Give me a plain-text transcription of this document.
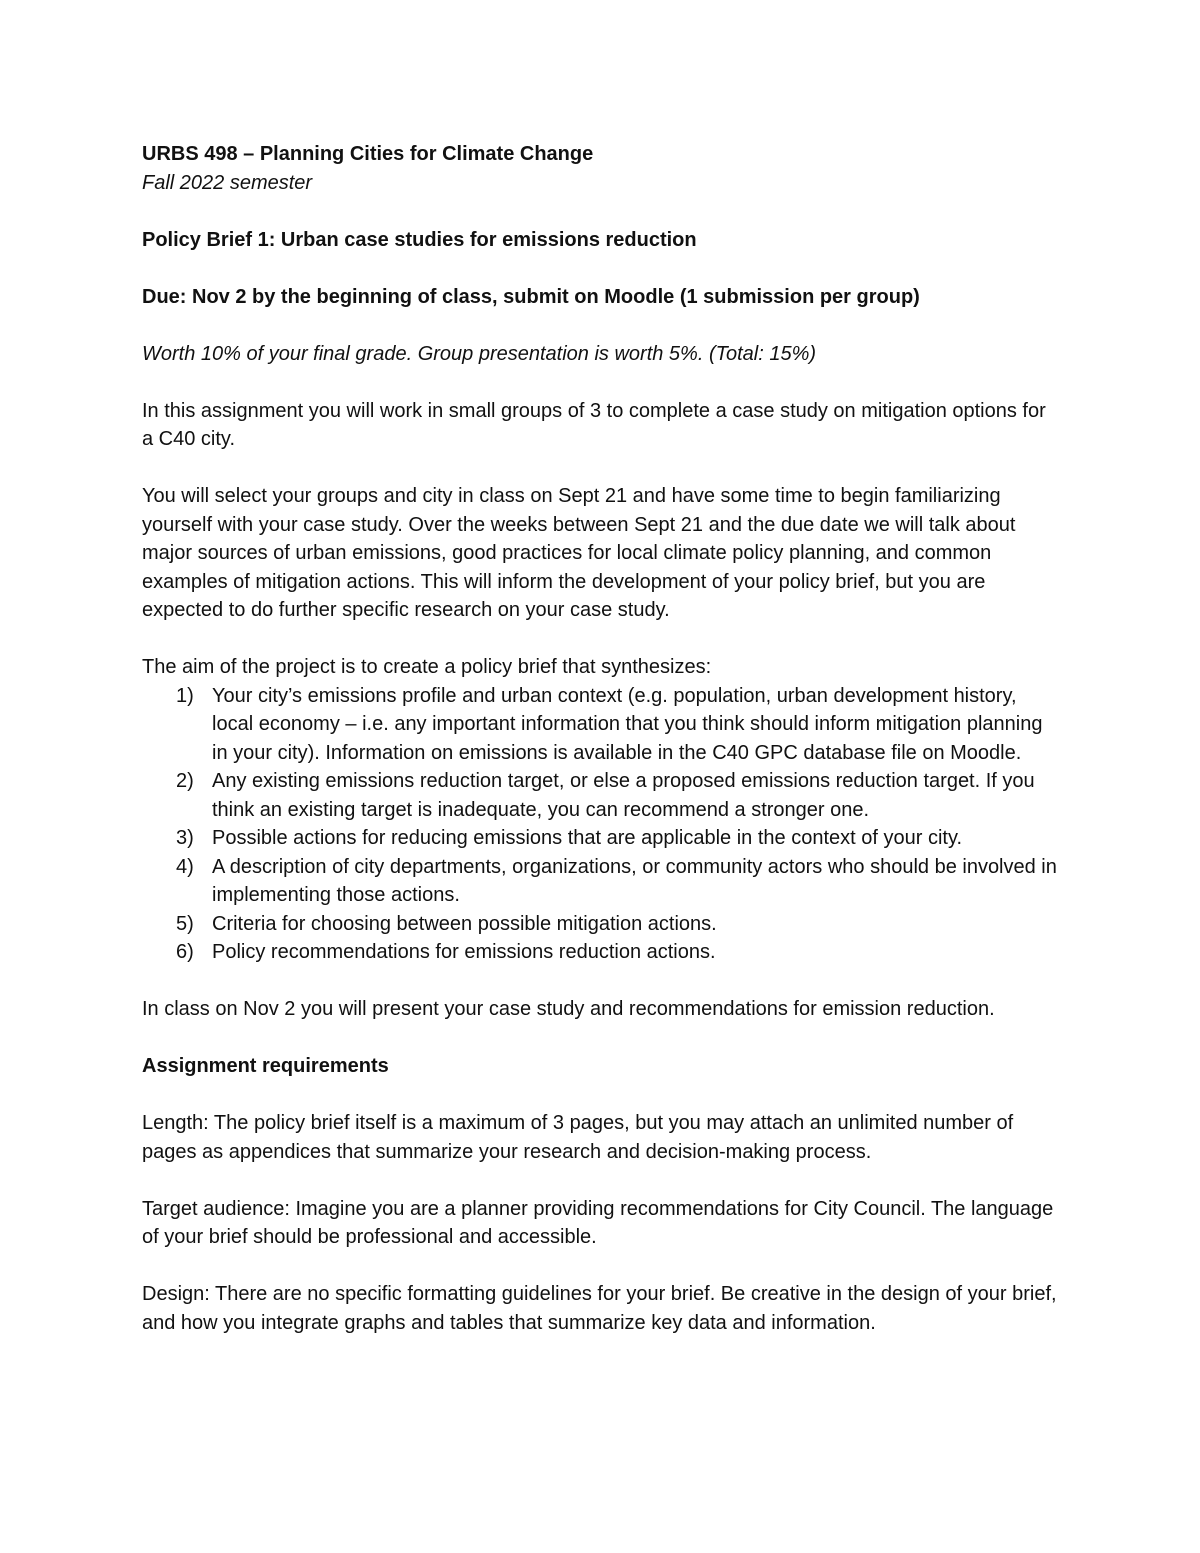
URBS 498 – Planning Cities for Climate Change

Fall 2022 semester

Policy Brief 1: Urban case studies for emissions reduction

Due: Nov 2 by the beginning of class, submit on Moodle (1 submission per group)

Worth 10% of your final grade. Group presentation is worth 5%. (Total: 15%)

In this assignment you will work in small groups of 3 to complete a case study on mitigation options for a C40 city.

You will select your groups and city in class on Sept 21 and have some time to begin familiarizing yourself with your case study. Over the weeks between Sept 21 and the due date we will talk about major sources of urban emissions, good practices for local climate policy planning, and common examples of mitigation actions. This will inform the development of your policy brief, but you are expected to do further specific research on your case study.

The aim of the project is to create a policy brief that synthesizes:

1) Your city’s emissions profile and urban context (e.g. population, urban development history, local economy – i.e. any important information that you think should inform mitigation planning in your city). Information on emissions is available in the C40 GPC database file on Moodle.
2) Any existing emissions reduction target, or else a proposed emissions reduction target. If you think an existing target is inadequate, you can recommend a stronger one.
3) Possible actions for reducing emissions that are applicable in the context of your city.
4) A description of city departments, organizations, or community actors who should be involved in implementing those actions.
5) Criteria for choosing between possible mitigation actions.
6) Policy recommendations for emissions reduction actions.

In class on Nov 2 you will present your case study and recommendations for emission reduction.

Assignment requirements

Length: The policy brief itself is a maximum of 3 pages, but you may attach an unlimited number of pages as appendices that summarize your research and decision-making process.

Target audience: Imagine you are a planner providing recommendations for City Council. The language of your brief should be professional and accessible.

Design: There are no specific formatting guidelines for your brief. Be creative in the design of your brief, and how you integrate graphs and tables that summarize key data and information.
